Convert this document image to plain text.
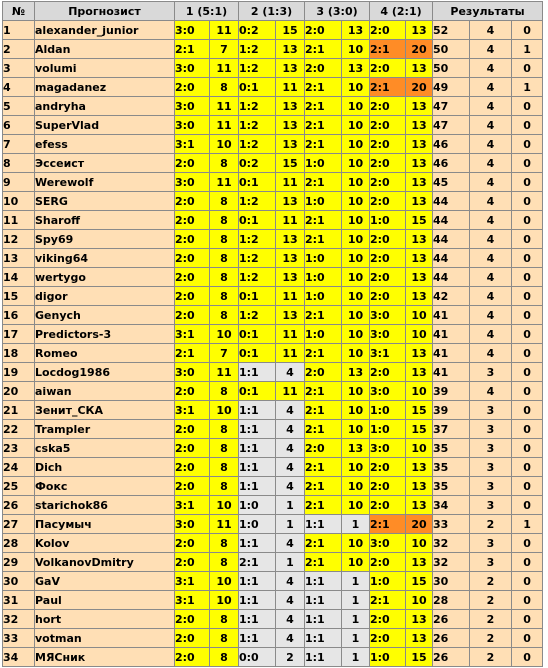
№	Прогнозист	1 (5:1)		2 (1:3)		3 (3:0)		4 (2:1)		Результаты		
1	alexander_junior	3:0	11	0:2	15	2:0	13	2:0	13	52	4	0
2	Aldan	2:1	7	1:2	13	2:1	10	2:1	20	50	4	1
3	volumi	3:0	11	1:2	13	2:0	13	2:0	13	50	4	0
4	magadanez	2:0	8	0:1	11	2:1	10	2:1	20	49	4	1
5	andryha	3:0	11	1:2	13	2:1	10	2:0	13	47	4	0
6	SuperVlad	3:0	11	1:2	13	2:1	10	2:0	13	47	4	0
7	efess	3:1	10	1:2	13	2:1	10	2:0	13	46	4	0
8	Эссеист	2:0	8	0:2	15	1:0	10	2:0	13	46	4	0
9	Werewolf	3:0	11	0:1	11	2:1	10	2:0	13	45	4	0
10	SERG	2:0	8	1:2	13	1:0	10	2:0	13	44	4	0
11	Sharoff	2:0	8	0:1	11	2:1	10	1:0	15	44	4	0
12	Spy69	2:0	8	1:2	13	2:1	10	2:0	13	44	4	0
13	viking64	2:0	8	1:2	13	1:0	10	2:0	13	44	4	0
14	wertygo	2:0	8	1:2	13	1:0	10	2:0	13	44	4	0
15	digor	2:0	8	0:1	11	1:0	10	2:0	13	42	4	0
16	Genych	2:0	8	1:2	13	2:1	10	3:0	10	41	4	0
17	Predictors-3	3:1	10	0:1	11	1:0	10	3:0	10	41	4	0
18	Romeo	2:1	7	0:1	11	2:1	10	3:1	13	41	4	0
19	Locdog1986	3:0	11	1:1	4	2:0	13	2:0	13	41	3	0
20	aiwan	2:0	8	0:1	11	2:1	10	3:0	10	39	4	0
21	Зенит_СКА	3:1	10	1:1	4	2:1	10	1:0	15	39	3	0
22	Trampler	2:0	8	1:1	4	2:1	10	1:0	15	37	3	0
23	cska5	2:0	8	1:1	4	2:0	13	3:0	10	35	3	0
24	Dich	2:0	8	1:1	4	2:1	10	2:0	13	35	3	0
25	Фокс	2:0	8	1:1	4	2:1	10	2:0	13	35	3	0
26	starichok86	3:1	10	1:0	1	2:1	10	2:0	13	34	3	0
27	Пасумыч	3:0	11	1:0	1	1:1	1	2:1	20	33	2	1
28	Kolov	2:0	8	1:1	4	2:1	10	3:0	10	32	3	0
29	VolkanovDmitry	2:0	8	2:1	1	2:1	10	2:0	13	32	3	0
30	GaV	3:1	10	1:1	4	1:1	1	1:0	15	30	2	0
31	Paul	3:1	10	1:1	4	1:1	1	2:1	10	28	2	0
32	hort	2:0	8	1:1	4	1:1	1	2:0	13	26	2	0
33	votman	2:0	8	1:1	4	1:1	1	2:0	13	26	2	0
34	МЯСник	2:0	8	0:0	2	1:1	1	1:0	15	26	2	0
